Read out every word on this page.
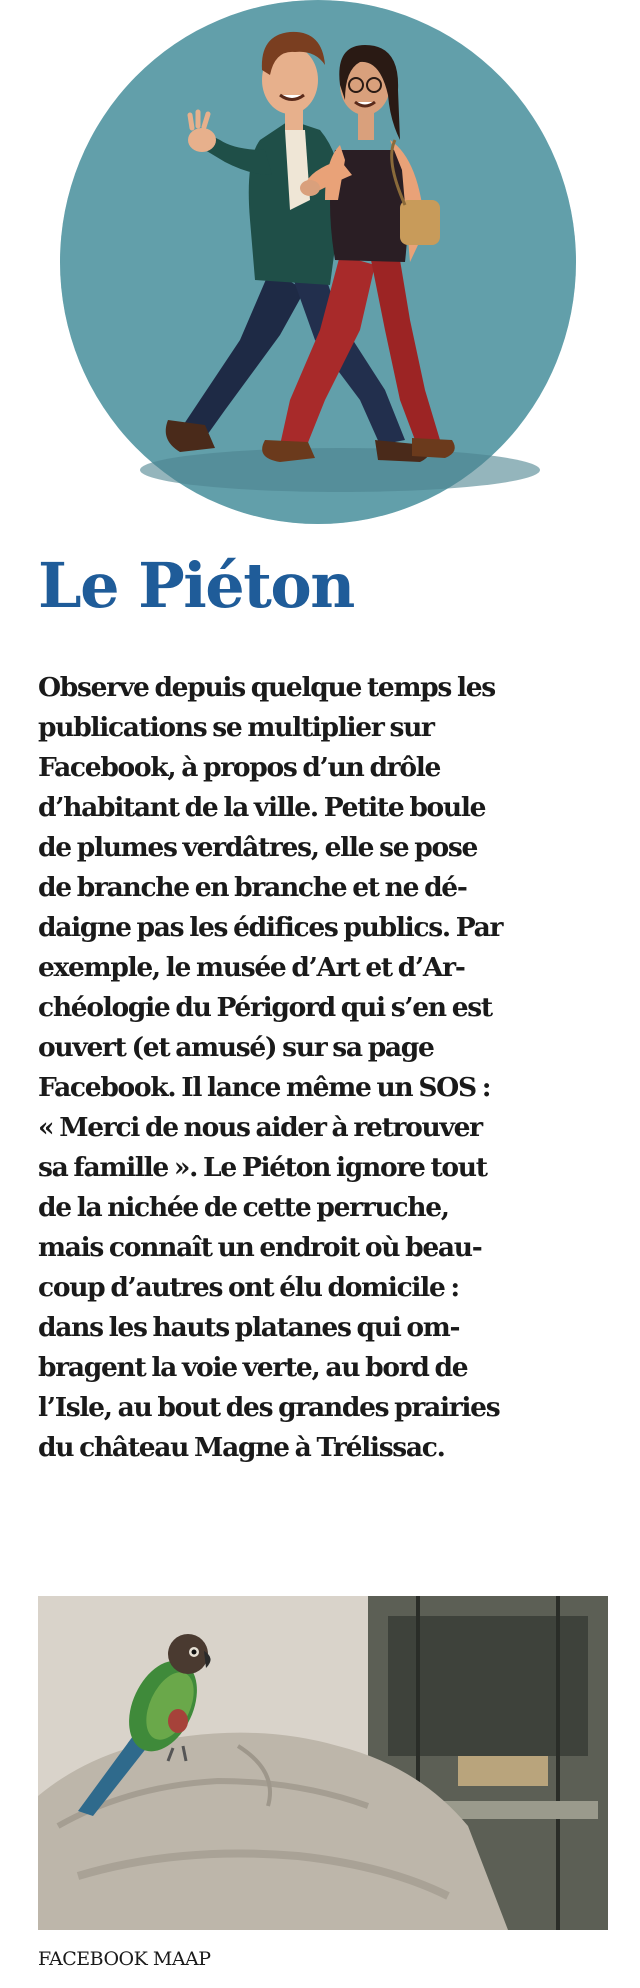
Le Piéton

Observe depuis quelque temps les
publications se multiplier sur
Facebook, à propos d’un drôle
d’habitant de la ville. Petite boule
de plumes verdâtres, elle se pose
de branche en branche et ne dé-
daigne pas les édifices publics. Par
exemple, le musée d’Art et d’Ar-
chéologie du Périgord qui s’en est
ouvert (et amusé) sur sa page
Facebook. Il lance même un SOS :
« Merci de nous aider à retrouver
sa famille ». Le Piéton ignore tout
de la nichée de cette perruche,
mais connaît un endroit où beau-
coup d’autres ont élu domicile :
dans les hauts platanes qui om-
bragent la voie verte, au bord de
l’Isle, au bout des grandes prairies
du château Magne à Trélissac.

FACEBOOK MAAP
